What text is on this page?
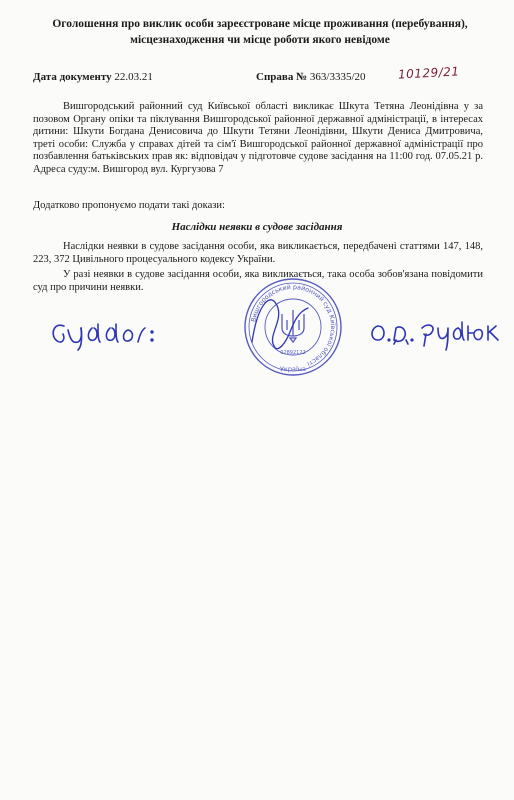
Оголошення про виклик особи зареєстроване місце проживання (перебування), місцезнаходження чи місце роботи якого невідоме
Дата документу 22.03.21	Справа № 363/3335/20	10129/21

Вишгородський районний суд Київської області викликає Шкута Тетяна Леонідівна у за позовом Органу опіки та піклування Вишгородської районної державної адміністрації, в інтересах дитини: Шкути Богдана Денисовича до Шкути Тетяни Леонідівни, Шкути Дениса Дмитровича, треті особи: Служба у справах дітей та сім'ї Вишгородської районної державної адміністрації про позбавлення батьківських прав як: відповідач у підготовче судове засідання на 11:00 год. 07.05.21 р. Адреса суду:м. Вишгород вул. Кургузова 7

Додатково пропонуємо подати такі докази:
Наслідки неявки в судове засідання

Наслідки неявки в судове засідання особи, яка викликається, передбачені статтями 147, 148, 223, 372 Цивільного процесуального кодексу України.

У разі неявки в судове засідання особи, яка викликається, така особа зобов'язана повідомити суд про причини неявки.

Вишгородський районний суд Київської області
Україна
02892122
